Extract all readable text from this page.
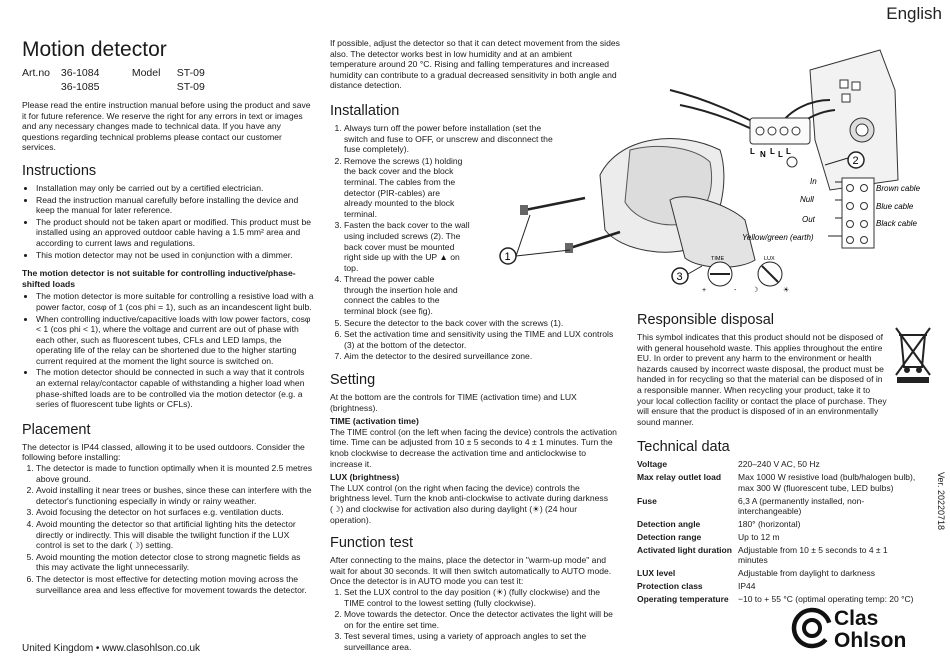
English
Motion detector
Art.no 36-1084	Model ST-09
36-1085	ST-09

Please read the entire instruction manual before using the product and save it for future reference. We reserve the right for any errors in text or images and any necessary changes made to technical data. If you have any questions regarding technical problems please contact our customer services.

Instructions
• Installation may only be carried out by a certified electrician.
• Read the instruction manual carefully before installing the device and keep the manual for later reference.
• The product should not be taken apart or modified. This product must be installed using an approved outdoor cable having a 1.5 mm² area and according to current laws and regulations.
• This motion detector may not be used in conjunction with a dimmer.

The motion detector is not suitable for controlling inductive/phase-shifted loads

• The motion detector is more suitable for controlling a resistive load with a power factor, cosφ of 1 (cos phi = 1), such as an incandescent light bulb.
• When controlling inductive/capacitive loads with low power factors, cosφ < 1 (cos phi < 1), where the voltage and current are out of phase with each other, such as fluorescent tubes, CFLs and LED lamps, the operating life of the relay can be shortened due to the higher starting current required at the moment the light source is switched on.
• The motion detector should be connected in such a way that it controls an external relay/contactor capable of withstanding a higher load when phase-shifted loads are to be controlled via the motion detector (e.g. a series of fluorescent tube lights or CFLs).
Placement

The detector is IP44 classed, allowing it to be used outdoors. Consider the following before installing:

1. The detector is made to function optimally when it is mounted 2.5 metres above ground.
2. Avoid installing it near trees or bushes, since these can interfere with the detector's functioning especially in windy or rainy weather.
3. Avoid focusing the detector on hot surfaces e.g. ventilation ducts.
4. Avoid mounting the detector so that artificial lighting hits the detector directly or indirectly. This will disable the twilight function if the LUX control is set to the dark (☽) setting.
5. Avoid mounting the motion detector close to strong magnetic fields as this may activate the light unnecessarily.
6. The detector is most effective for detecting motion moving across the surveillance area and less effective for movement towards the detector.

If possible, adjust the detector so that it can detect movement from the sides also. The detector works best in low humidity and at an ambient temperature around 20 °C. Rising and falling temperatures and increased humidity can contribute to a gradual decreased sensitivity in both angle and distance detection.

Installation
1. Always turn off the power before installation (set the switch and fuse to OFF, or unscrew and disconnect the fuse completely).
2. Remove the screws (1) holding the back cover and the block terminal. The cables from the detector (PIR-cables) are already mounted to the block terminal.
3. Fasten the back cover to the wall using included screws (2). The back cover must be mounted right side up with the UP ▲ on top.
4. Thread the power cable through the insertion hole and connect the cables to the terminal block (see fig).
5. Secure the detector to the back cover with the screws (1).
6. Set the activation time and sensitivity using the TIME and LUX controls (3) at the bottom of the detector.
7. Aim the detector to the desired surveillance zone.
Setting

At the bottom are the controls for TIME (activation time) and LUX (brightness).

TIME (activation time)

The TIME control (on the left when facing the device) controls the activation time. Time can be adjusted from 10 ± 5 seconds to 4 ± 1 minutes. Turn the knob clockwise to decrease the activation time and anticlockwise to increase it.

LUX (brightness)

The LUX control (on the right when facing the device) controls the brightness level. Turn the knob anti-clockwise to activate during darkness (☽) and clockwise for activation also during daylight (☀) (24 hour operation).

Function test

After connecting to the mains, place the detector in "warm-up mode" and wait for about 30 seconds. It will then switch automatically to AUTO mode. Once the detector is in AUTO mode you can test it:

1. Set the LUX control to the day position (☀) (fully clockwise) and the TIME control to the lowest setting (fully clockwise).
2. Move towards the detector. Once the detector activates the light will be on for the entire set time.
3. Test several times, using a variety of approach angles to set the surveillance area.
L N L L L
2
1
3
TIME
+	-
LUX
☽	☀
In
Null
Out
Yellow/green (earth)
Brown cable
Blue cable
Black cable
Responsible disposal

This symbol indicates that this product should not be disposed of with general household waste. This applies throughout the entire EU. In order to prevent any harm to the environment or health hazards caused by incorrect waste disposal, the product must be handed in for recycling so that the material can be disposed of in a responsible manner. When recycling your product, take it to your local collection facility or contact the place of purchase. They will ensure that the product is disposed of in an environmentally sound manner.

Technical data
Voltage	220–240 V AC, 50 Hz
Max relay outlet load	Max 1000 W resistive load (bulb/halogen bulb), max 300 W (fluorescent tube, LED bulbs)
Fuse	6,3 A (permanently installed, non-interchangeable)
Detection angle	180° (horizontal)
Detection range	Up to 12 m
Activated light duration	Adjustable from 10 ± 5 seconds to 4 ± 1 minutes
LUX level	Adjustable from daylight to darkness
Protection class	IP44
Operating temperature	−10 to + 55 °C (optimal operating temp: 20 °C)
United Kingdom • www.clasohlson.co.uk
Ver. 20220718
Clas
Ohlson
